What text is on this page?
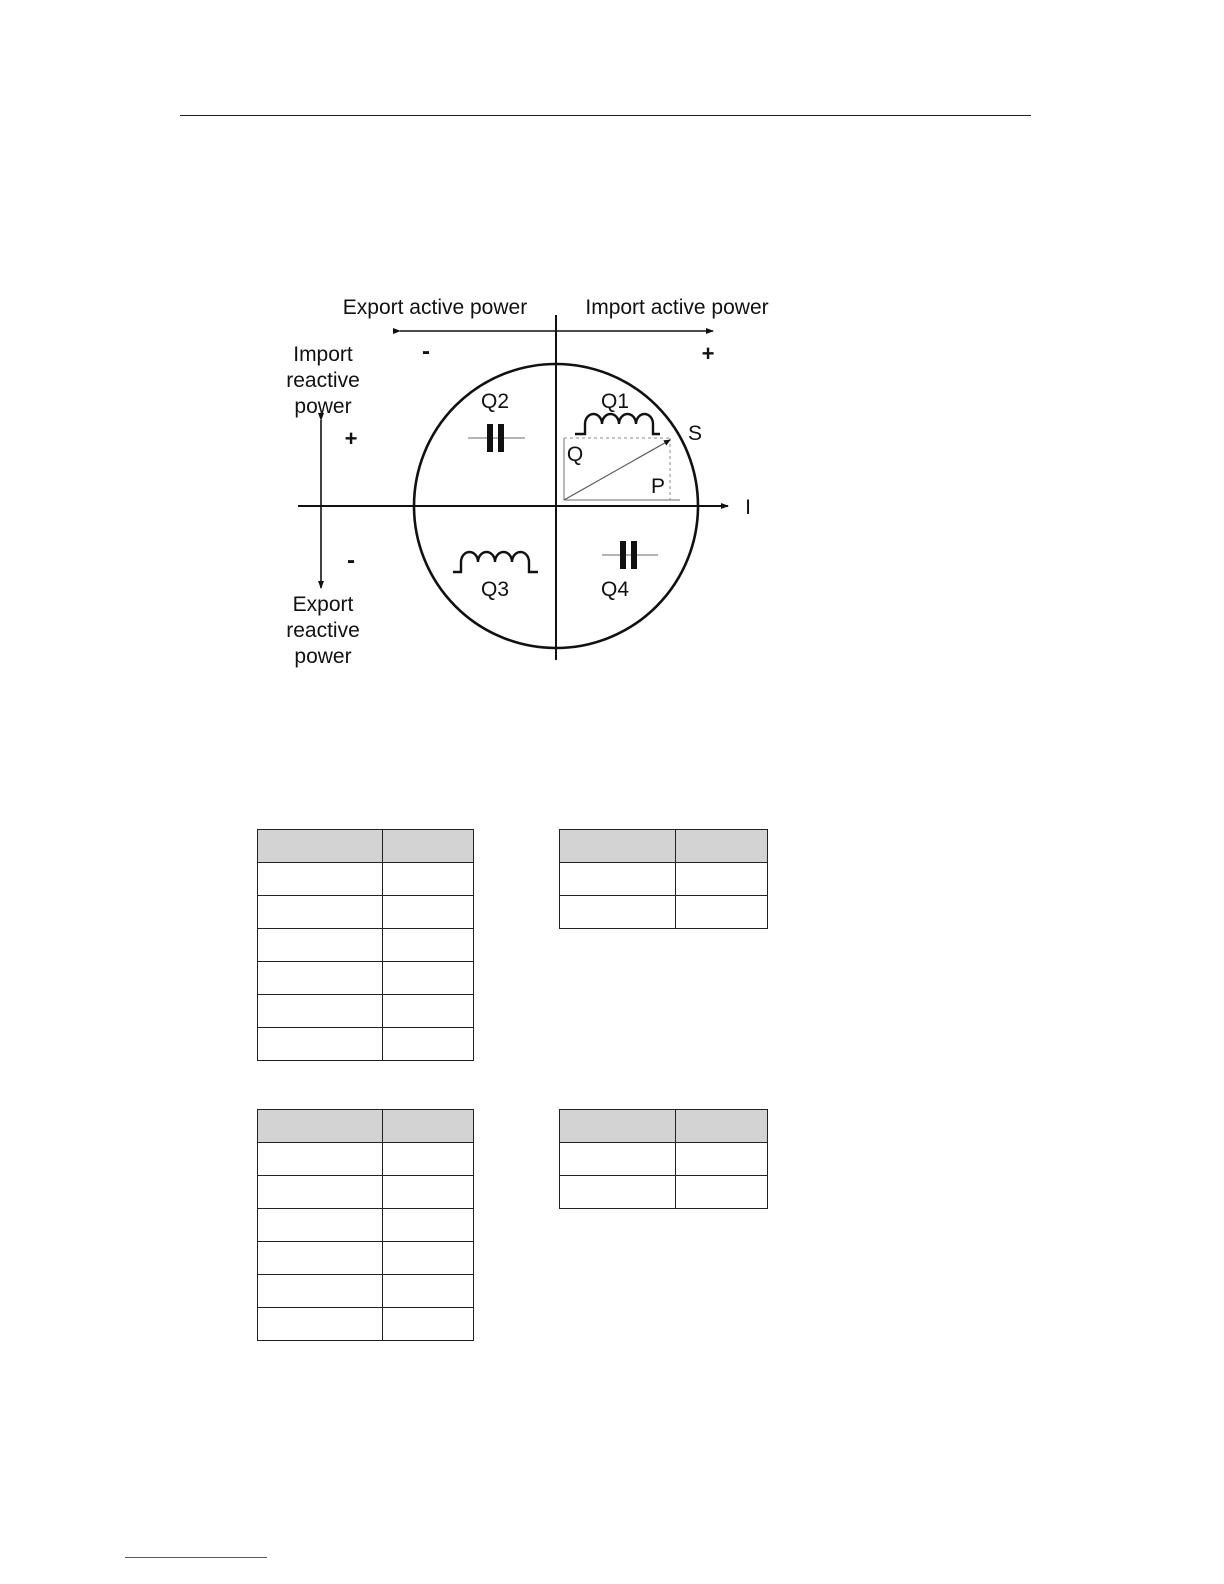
Export active power	Import active power
-	+
Import
reactive
power
+
-
Export
reactive
power
I
Q2	Q1
S
Q
P
Q3	Q4
